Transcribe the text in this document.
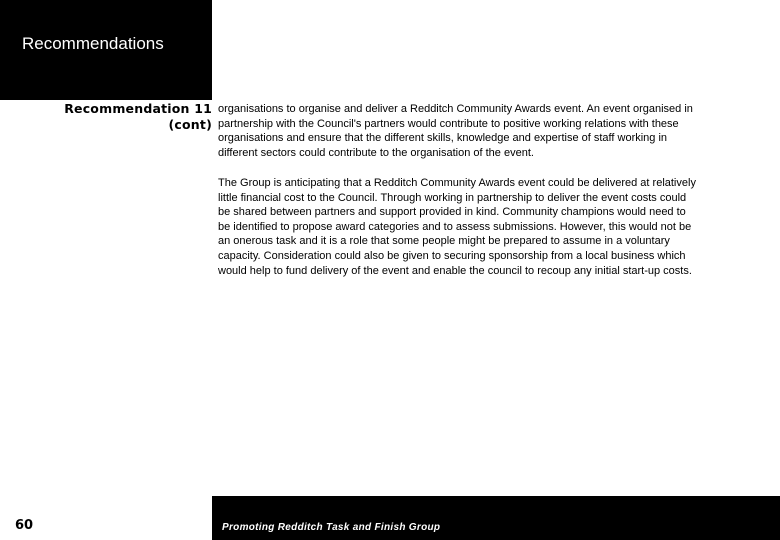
Recommendations
Recommendation 11
(cont)
organisations to organise and deliver a Redditch Community Awards event. An event organised in
partnership with the Council's partners would contribute to positive working relations with these
organisations and ensure that the different skills, knowledge and expertise of staff working in
different sectors could contribute to the organisation of the event.
The Group is anticipating that a Redditch Community Awards event could be delivered at relatively
little financial cost to the Council. Through working in partnership to deliver the event costs could
be shared between partners and support provided in kind. Community champions would need to
be identified to propose award categories and to assess submissions. However, this would not be
an onerous task and it is a role that some people might be prepared to assume in a voluntary
capacity. Consideration could also be given to securing sponsorship from a local business which
would help to fund delivery of the event and enable the council to recoup any initial start-up costs.
60	Promoting Redditch Task and Finish Group
